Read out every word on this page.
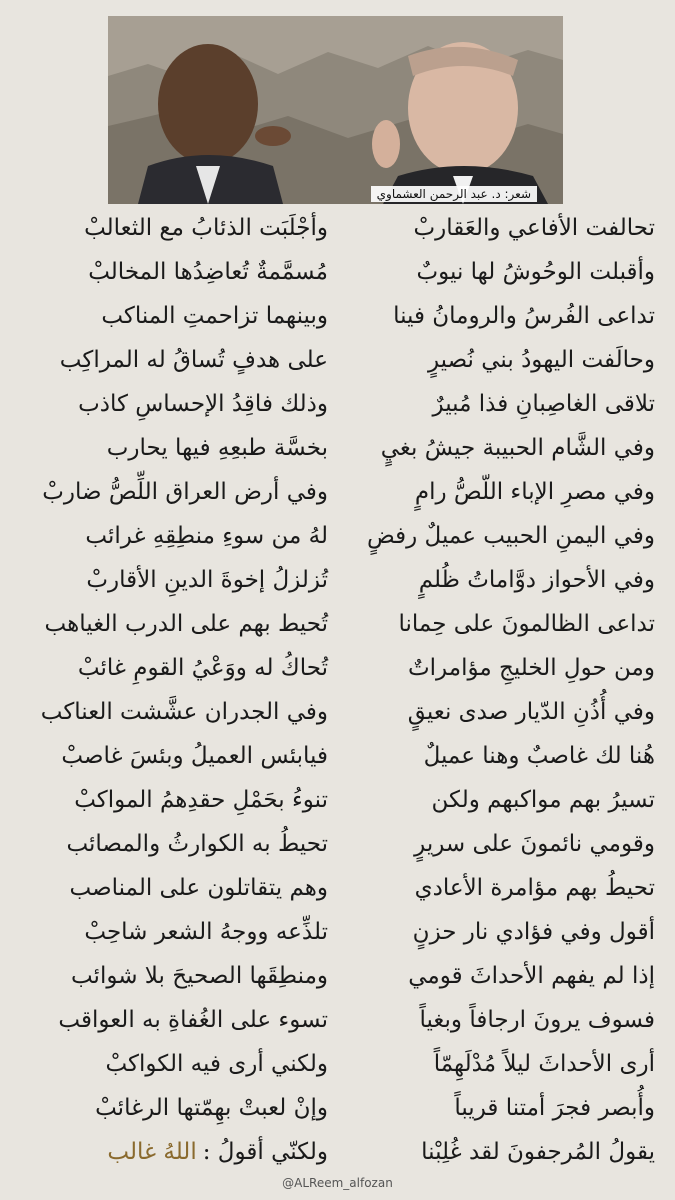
شعر: د. عبد الرحمن العشماوي
تحالفت الأفاعي والعَقاربْ
وأجْلَبَت الذئابُ مع الثعالبْ
وأقبلت الوحُوشُ لها نيوبٌ
مُسمَّمةٌ تُعاضِدُها المخالبْ
تداعى الفُرسُ والرومانُ فينا
وبينهما تزاحمتِ المناكب
وحالَفت اليهودُ بني نُصيرٍ
على هدفٍ تُساقُ له المراكِب
تلاقى الغاصِبانِ فذا مُبيرٌ
وذلك فاقِدُ الإحساسِ كاذب
وفي الشَّام الحبيبة جيشُ بغيٍ
بخسَّة طبعِهِ فيها يحارب
وفي مصرِ الإباء اللّصُّ رامٍ
وفي أرض العراق اللِّصُّ ضاربْ
وفي اليمنِ الحبيب عميلٌ رفضٍ
لهُ من سوءِ منطِقِهِ غرائب
وفي الأحواز دوَّاماتُ ظُلمٍ
تُزلزلُ إخوةَ الدينِ الأقاربْ
تداعى الظالمونَ على حِمانا
تُحيط بهم على الدرب الغياهب
ومن حولِ الخليجِ مؤامراتٌ
تُحاكُ له ووَعْيُ القومِ غائبْ
وفي أُذُنِ الدّيار صدى نعيقٍ
وفي الجدران عشَّشت العناكب
هُنا لك غاصبٌ وهنا عميلٌ
فيابئس العميلُ وبئسَ غاصبْ
تسيرُ بهم مواكبهم ولكن
تنوءُ بحَمْلِ حقدِهمُ المواكبْ
وقومي نائمونَ على سريرٍ
تحيطُ به الكوارثُ والمصائب
تحيطُ بهم مؤامرة الأعادي
وهم يتقاتلون على المناصب
أقول وفي فؤادي نار حزنٍ
تلذِّعه ووجهُ الشعر شاحِبْ
إذا لم يفهم الأحداثَ قومي
ومنطِقَها الصحيحَ بلا شوائب
فسوف يرونَ ارجافاً وبغياً
تسوء على الغُفاةِ به العواقب
أرى الأحداثَ ليلاً مُدْلَهِمّاً
ولكني أرى فيه الكواكبْ
وأُبصر فجرَ أمتنا قريباً
وإنْ لعبتْ بهِمّتها الرغائبْ
يقولُ المُرجفونَ لقد غُلِبْنا
ولكنّي أقولُ :
اللهُ غالب
@ALReem_alfozan
